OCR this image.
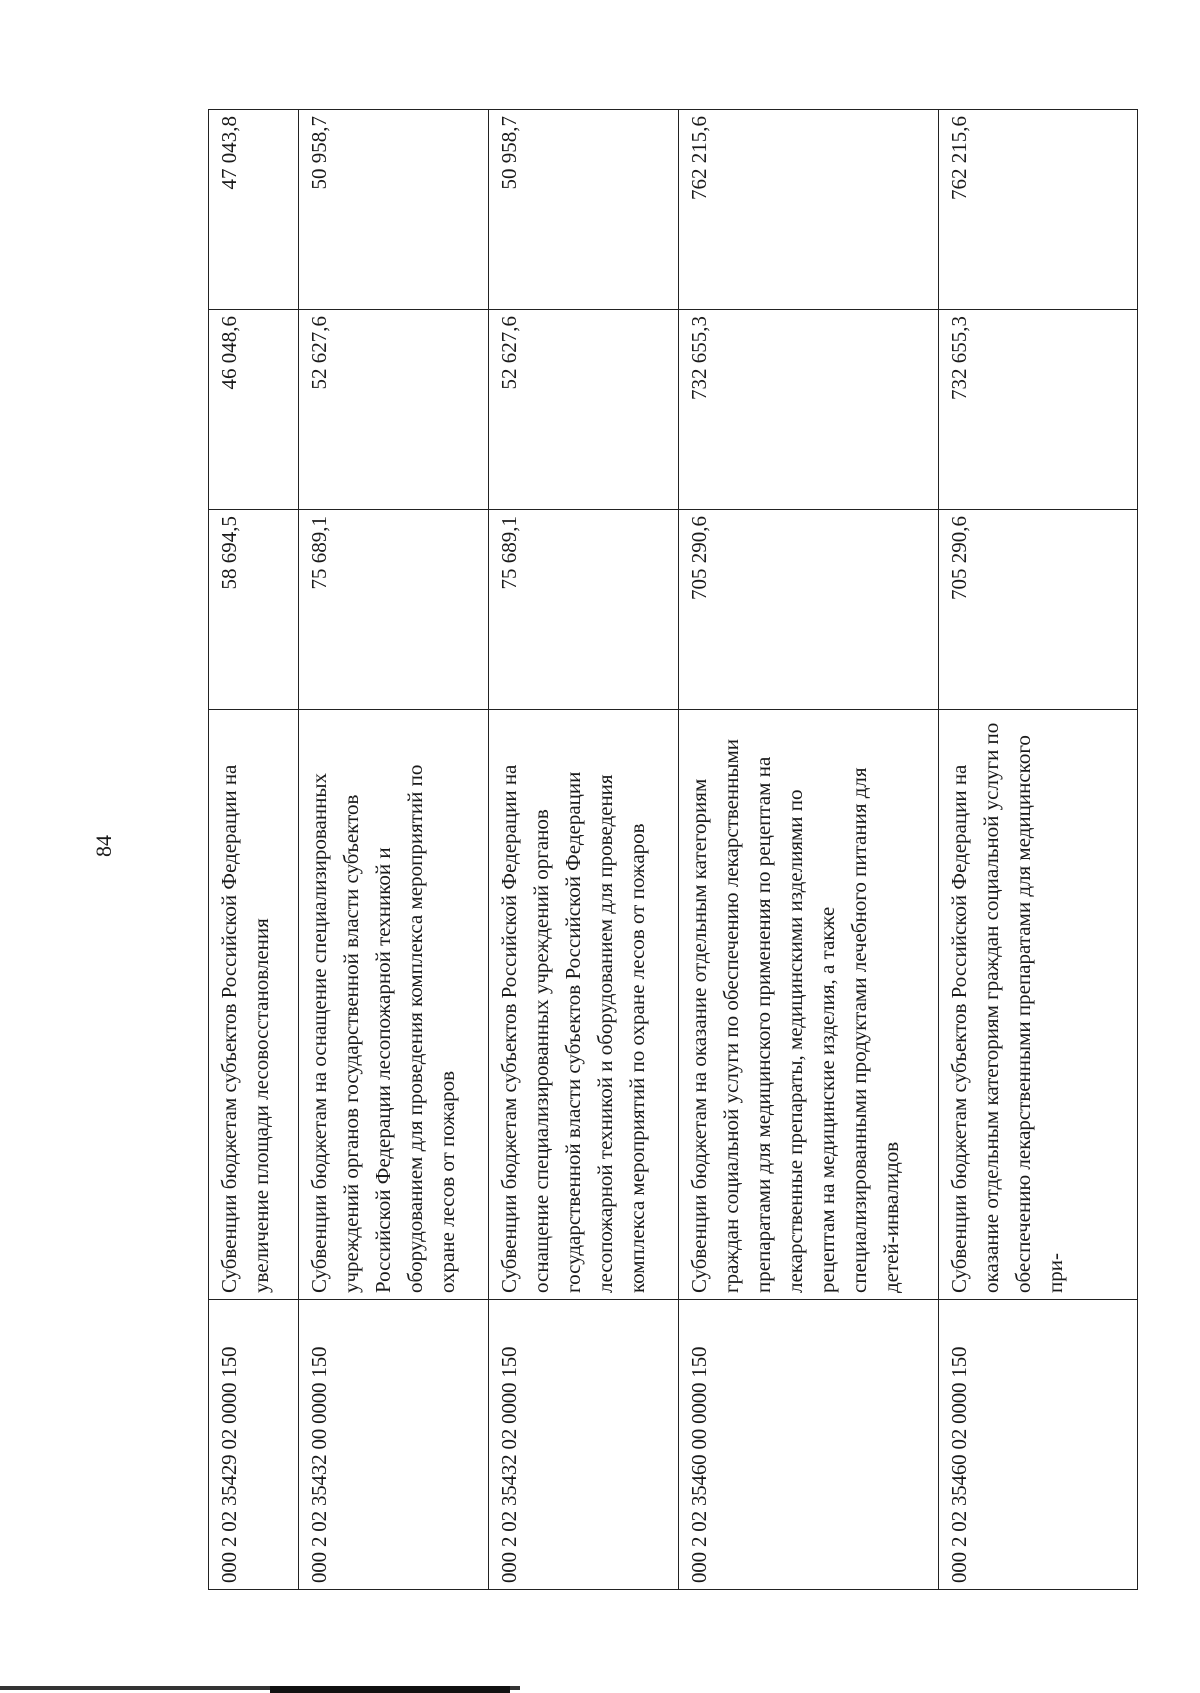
84
000 2 02 35429 02 0000 150	Субвенции бюджетам субъектов Российской Федерации на увеличение площади лесовосстановления	58 694,5	46 048,6	47 043,8
000 2 02 35432 00 0000 150	Субвенции бюджетам на оснащение специализированных учреждений органов государственной власти субъектов Российской Федерации лесопожарной техникой и оборудованием для проведения комплекса мероприятий по охране лесов от пожаров	75 689,1	52 627,6	50 958,7
000 2 02 35432 02 0000 150	Субвенции бюджетам субъектов Российской Федерации на оснащение специализированных учреждений органов государственной власти субъектов Российской Федерации лесопожарной техникой и оборудованием для проведения комплекса мероприятий по охране лесов от пожаров	75 689,1	52 627,6	50 958,7
000 2 02 35460 00 0000 150	Субвенции бюджетам на оказание отдельным категориям граждан социальной услуги по обеспечению лекарственными препаратами для медицинского применения по рецептам на лекарственные препараты, медицинскими изделиями по рецептам на медицинские изделия, а также специализированными продуктами лечебного питания для детей-инвалидов	705 290,6	732 655,3	762 215,6
000 2 02 35460 02 0000 150	Субвенции бюджетам субъектов Российской Федерации на оказание отдельным категориям граждан социальной услуги по обеспечению лекарственными препаратами для медицинского при-	705 290,6	732 655,3	762 215,6
